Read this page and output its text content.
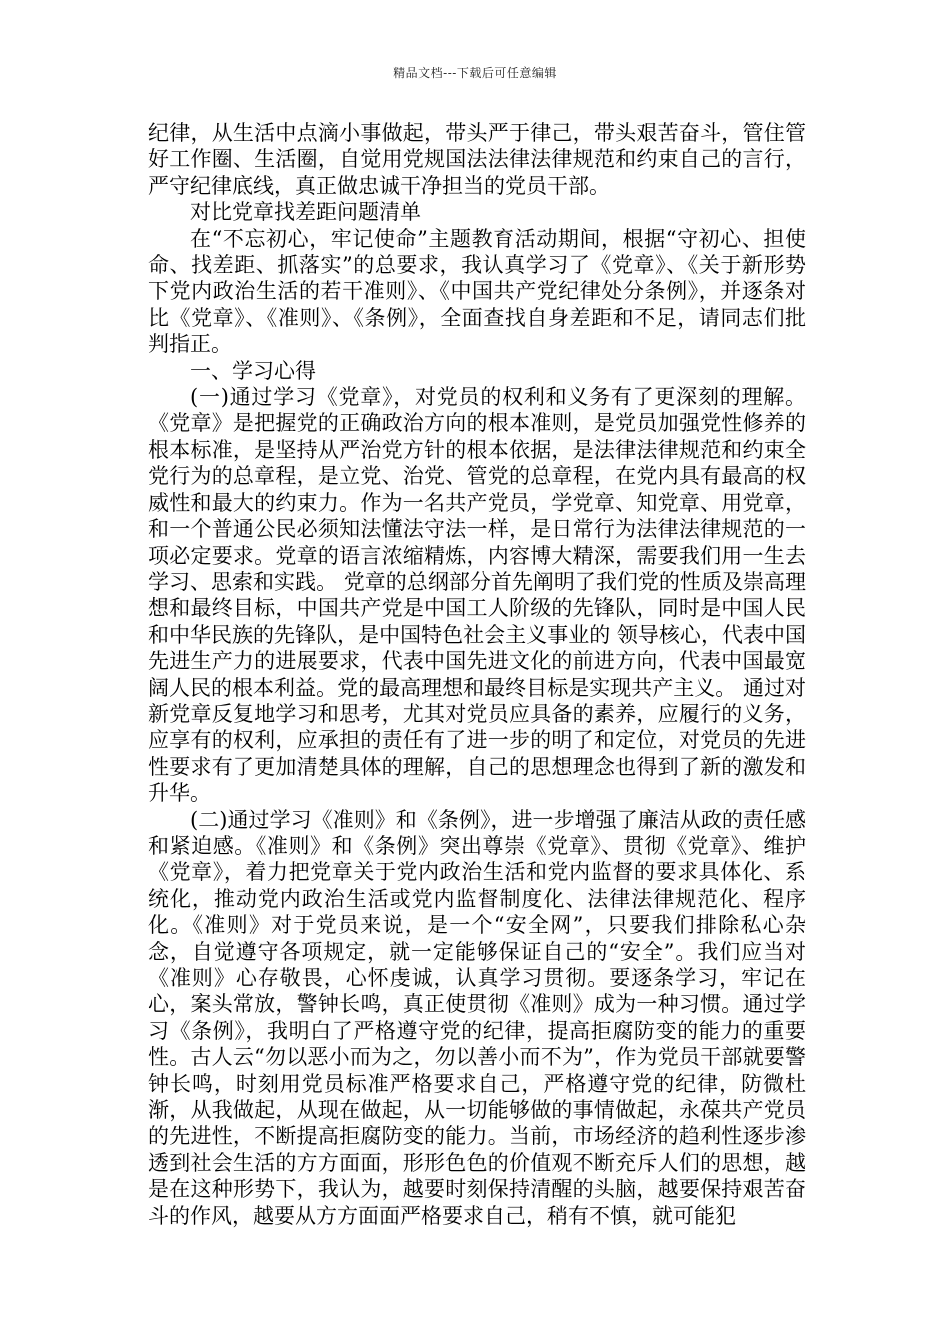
精品文档---下载后可任意编辑

纪律，从生活中点滴小事做起，带头严于律己，带头艰苦奋斗，管住管好工作圈、生活圈，自觉用党规国法法律法律规范和约束自己的言行，严守纪律底线，真正做忠诚干净担当的党员干部。

对比党章找差距问题清单

在“不忘初心，牢记使命”主题教育活动期间，根据“守初心、担使命、找差距、抓落实”的总要求，我认真学习了《党章》、《关于新形势下党内政治生活的若干准则》、《中国共产党纪律处分条例》，并逐条对比《党章》、《准则》、《条例》，全面查找自身差距和不足，请同志们批判指正。

一、学习心得

(一)通过学习《党章》，对党员的权利和义务有了更深刻的理解。《党章》是把握党的正确政治方向的根本准则，是党员加强党性修养的根本标准，是坚持从严治党方针的根本依据，是法律法律规范和约束全党行为的总章程，是立党、治党、管党的总章程，在党内具有最高的权威性和最大的约束力。作为一名共产党员，学党章、知党章、用党章，和一个普通公民必须知法懂法守法一样，是日常行为法律法律规范的一项必定要求。党章的语言浓缩精炼，内容博大精深，需要我们用一生去学习、思索和实践。 党章的总纲部分首先阐明了我们党的性质及崇高理想和最终目标，中国共产党是中国工人阶级的先锋队，同时是中国人民和中华民族的先锋队，是中国特色社会主义事业的 领导核心，代表中国先进生产力的进展要求，代表中国先进文化的前进方向，代表中国最宽阔人民的根本利益。党的最高理想和最终目标是实现共产主义。 通过对新党章反复地学习和思考，尤其对党员应具备的素养，应履行的义务，应享有的权利，应承担的责任有了进一步的明了和定位，对党员的先进性要求有了更加清楚具体的理解，自己的思想理念也得到了新的激发和升华。

(二)通过学习《准则》和《条例》，进一步增强了廉洁从政的责任感和紧迫感。《准则》和《条例》突出尊崇《党章》、贯彻《党章》、维护《党章》，着力把党章关于党内政治生活和党内监督的要求具体化、系统化，推动党内政治生活或党内监督制度化、法律法律规范化、程序化。《准则》对于党员来说，是一个“安全网”，只要我们排除私心杂念，自觉遵守各项规定，就一定能够保证自己的“安全”。我们应当对《准则》心存敬畏，心怀虔诚，认真学习贯彻。要逐条学习，牢记在心，案头常放，警钟长鸣，真正使贯彻《准则》成为一种习惯。通过学习《条例》，我明白了严格遵守党的纪律，提高拒腐防变的能力的重要性。古人云“勿以恶小而为之，勿以善小而不为”，作为党员干部就要警钟长鸣，时刻用党员标准严格要求自己，严格遵守党的纪律，防微杜渐，从我做起，从现在做起，从一切能够做的事情做起，永葆共产党员的先进性，不断提高拒腐防变的能力。当前，市场经济的趋利性逐步渗透到社会生活的方方面面，形形色色的价值观不断充斥人们的思想，越是在这种形势下，我认为，越要时刻保持清醒的头脑，越要保持艰苦奋斗的作风，越要从方方面面严格要求自己，稍有不慎，就可能犯
